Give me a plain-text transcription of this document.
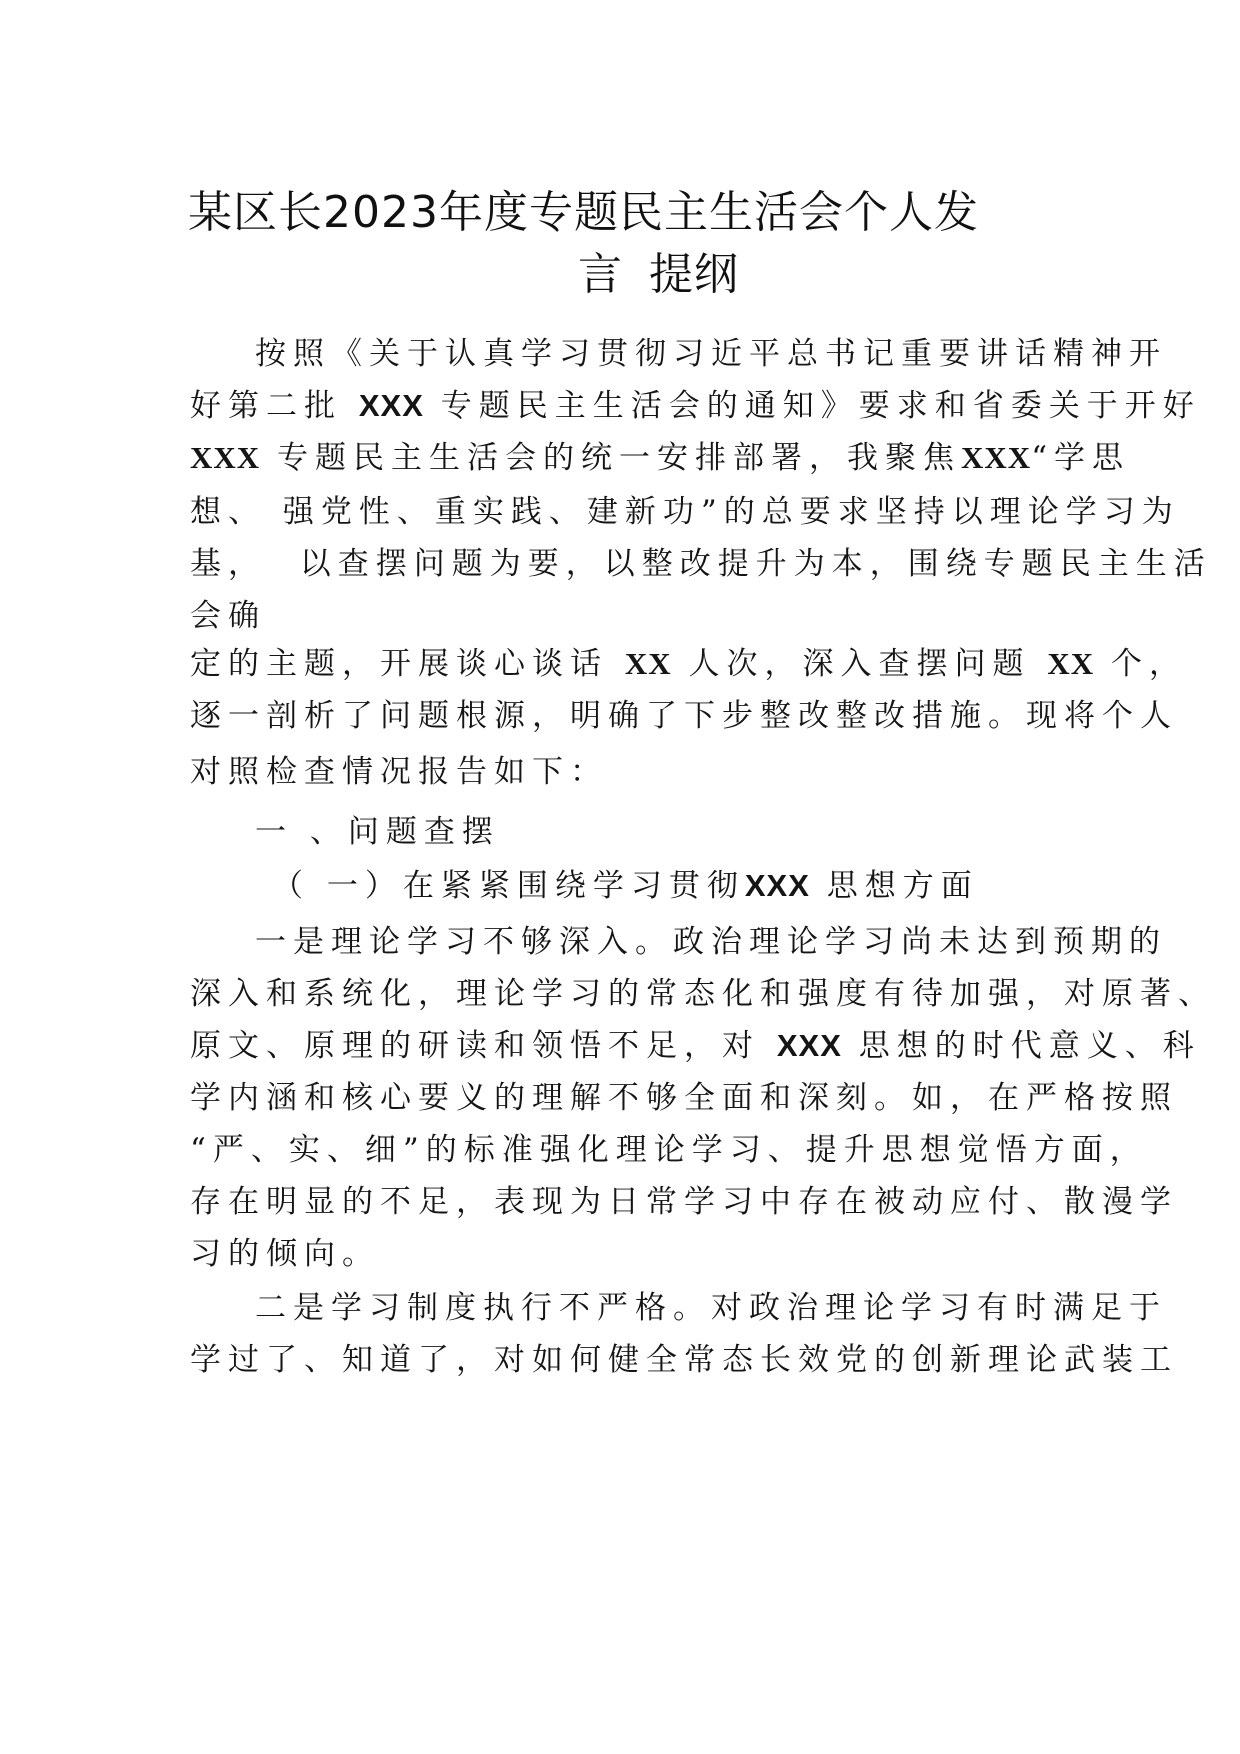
某区长2023年度专题民主生活会个人发
言 提纲
按照《关于认真学习贯彻习近平总书记重要讲话精神开
好第二批 XXX 专题民主生活会的通知》要求和省委关于开好
XXX 专题民主生活会的统一安排部署，我聚焦XXX“学思
想、 强党性、重实践、建新功”的总要求坚持以理论学习为
基，  以查摆问题为要，以整改提升为本，围绕专题民主生活
会确
定的主题，开展谈心谈话 XX 人次，深入查摆问题 XX 个，
逐一剖析了问题根源，明确了下步整改整改措施。现将个人
对照检查情况报告如下：
一 、问题查摆
（ 一）在紧紧围绕学习贯彻XXX 思想方面
一是理论学习不够深入。政治理论学习尚未达到预期的
深入和系统化，理论学习的常态化和强度有待加强，对原著、
原文、原理的研读和领悟不足，对 XXX 思想的时代意义、科
学内涵和核心要义的理解不够全面和深刻。如，在严格按照
“严、实、细”的标准强化理论学习、提升思想觉悟方面，
存在明显的不足，表现为日常学习中存在被动应付、散漫学
习的倾向。
二是学习制度执行不严格。对政治理论学习有时满足于
学过了、知道了，对如何健全常态长效党的创新理论武装工
